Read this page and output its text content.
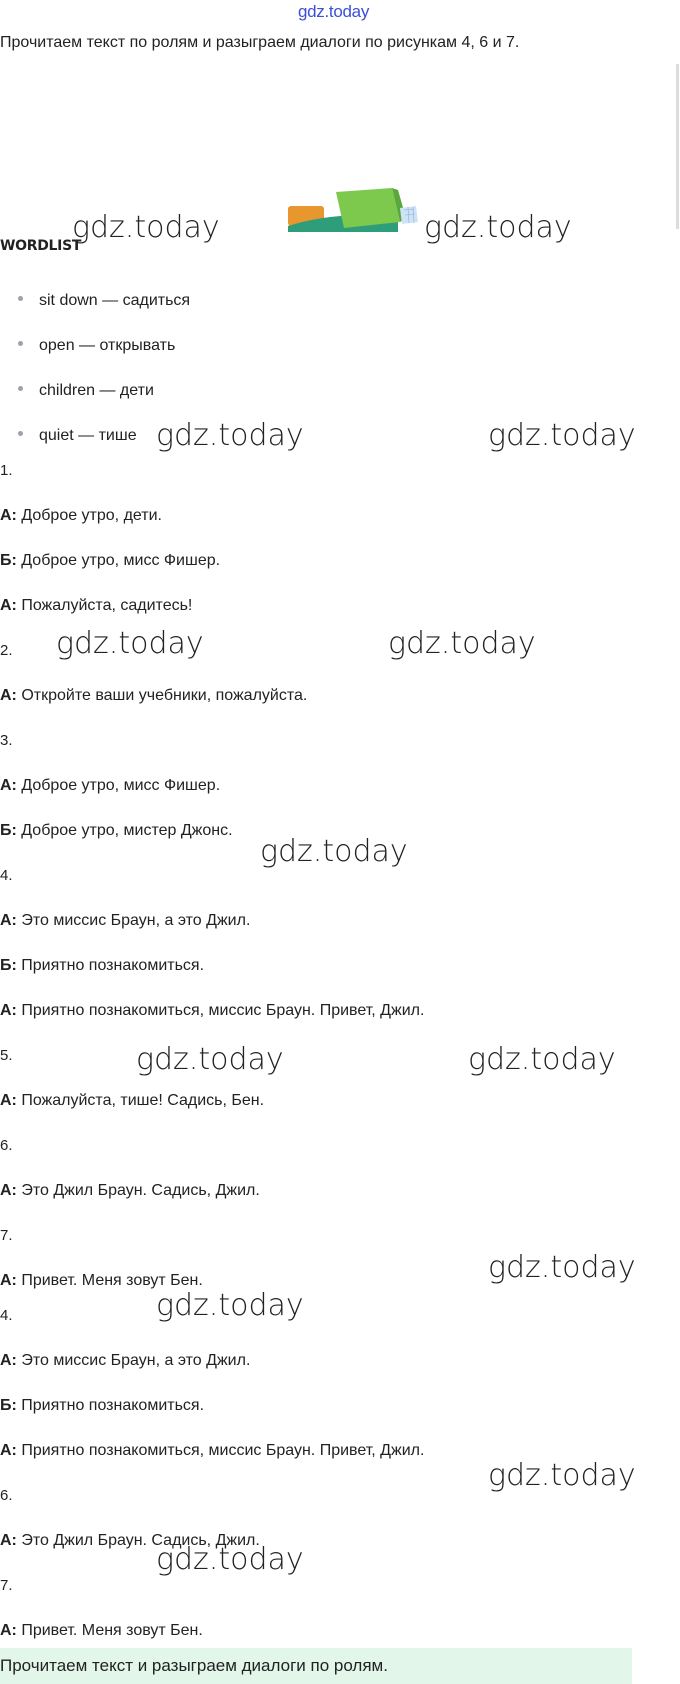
gdz.today
Прочитаем текст по ролям и разыграем диалоги по рисункам 4, 6 и 7.
WORDLIST
sit down — садиться
open — открывать
children — дети
quiet — тише
1.
А: Доброе утро, дети.
Б: Доброе утро, мисс Фишер.
А: Пожалуйста, садитесь!
2.
А: Откройте ваши учебники, пожалуйста.
3.
А: Доброе утро, мисс Фишер.
Б: Доброе утро, мистер Джонс.
4.
А: Это миссис Браун, а это Джил.
Б: Приятно познакомиться.
А: Приятно познакомиться, миссис Браун. Привет, Джил.
5.
А: Пожалуйста, тише! Садись, Бен.
6.
А: Это Джил Браун. Садись, Джил.
7.
А: Привет. Меня зовут Бен.
4.
А: Это миссис Браун, а это Джил.
Б: Приятно познакомиться.
А: Приятно познакомиться, миссис Браун. Привет, Джил.
6.
А: Это Джил Браун. Садись, Джил.
7.
А: Привет. Меня зовут Бен.
gdz.today	gdz.today
gdz.today	gdz.today
gdz.today	gdz.today
gdz.today
gdz.today	gdz.today
gdz.today
gdz.today
gdz.today
gdz.today
Прочитаем текст и разыграем диалоги по ролям.
